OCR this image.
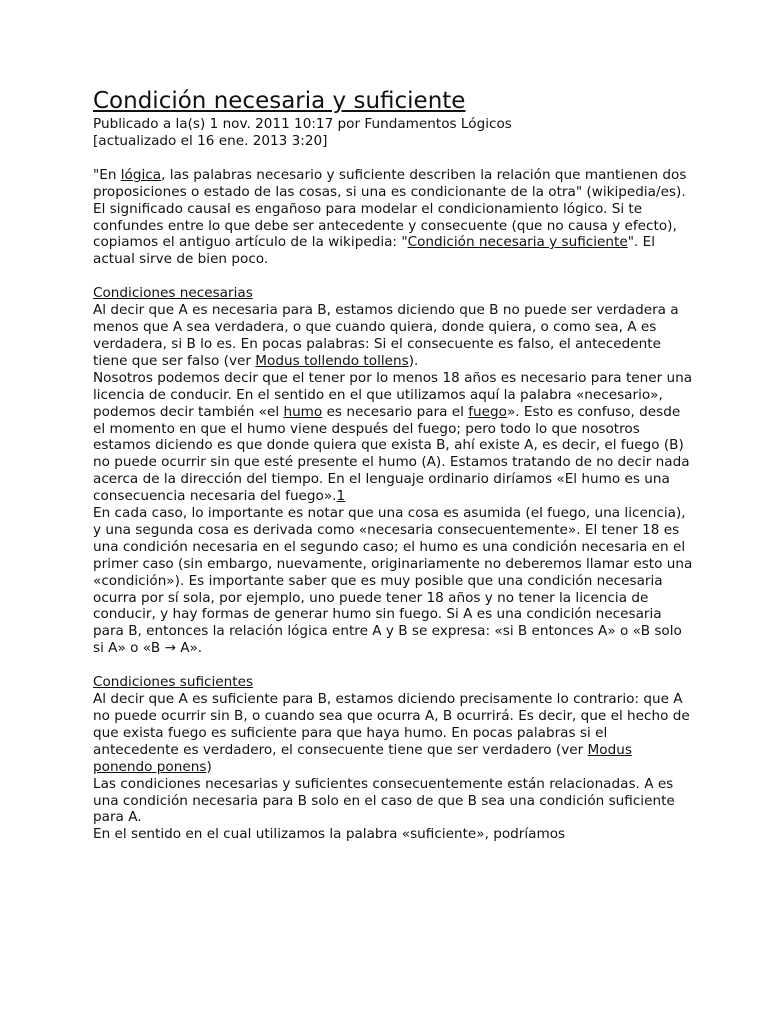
Condición necesaria y suficiente

Publicado a la(s) 1 nov. 2011 10:17 por Fundamentos Lógicos
[actualizado el 16 ene. 2013 3:20]

"En lógica, las palabras necesario y suficiente describen la relación que mantienen dos proposiciones o estado de las cosas, si una es condicionante de la otra" (wikipedia/es).

El significado causal es engañoso para modelar el condicionamiento lógico. Si te confundes entre lo que debe ser antecedente y consecuente (que no causa y efecto), copiamos el antiguo artículo de la wikipedia: "Condición necesaria y suficiente". El actual sirve de bien poco.

Condiciones necesarias

Al decir que A es necesaria para B, estamos diciendo que B no puede ser verdadera a menos que A sea verdadera, o que cuando quiera, donde quiera, o como sea, A es verdadera, si B lo es. En pocas palabras: Si el consecuente es falso, el antecedente tiene que ser falso (ver Modus tollendo tollens).

Nosotros podemos decir que el tener por lo menos 18 años es necesario para tener una licencia de conducir. En el sentido en el que utilizamos aquí la palabra «necesario», podemos decir también «el humo es necesario para el fuego». Esto es confuso, desde el momento en que el humo viene después del fuego; pero todo lo que nosotros estamos diciendo es que donde quiera que exista B, ahí existe A, es decir, el fuego (B) no puede ocurrir sin que esté presente el humo (A). Estamos tratando de no decir nada acerca de la dirección del tiempo. En el lenguaje ordinario diríamos «El humo es una consecuencia necesaria del fuego».1

En cada caso, lo importante es notar que una cosa es asumida (el fuego, una licencia), y una segunda cosa es derivada como «necesaria consecuentemente». El tener 18 es una condición necesaria en el segundo caso; el humo es una condición necesaria en el primer caso (sin embargo, nuevamente, originariamente no deberemos llamar esto una «condición»). Es importante saber que es muy posible que una condición necesaria ocurra por sí sola, por ejemplo, uno puede tener 18 años y no tener la licencia de conducir, y hay formas de generar humo sin fuego. Si A es una condición necesaria para B, entonces la relación lógica entre A y B se expresa: «si B entonces A» o «B solo si A» o «B → A».

Condiciones suficientes

Al decir que A es suficiente para B, estamos diciendo precisamente lo contrario: que A no puede ocurrir sin B, o cuando sea que ocurra A, B ocurrirá. Es decir, que el hecho de que exista fuego es suficiente para que haya humo. En pocas palabras si el antecedente es verdadero, el consecuente tiene que ser verdadero (ver Modus ponendo ponens)

Las condiciones necesarias y suficientes consecuentemente están relacionadas. A es una condición necesaria para B solo en el caso de que B sea una condición suficiente para A.

En el sentido en el cual utilizamos la palabra «suficiente», podríamos
